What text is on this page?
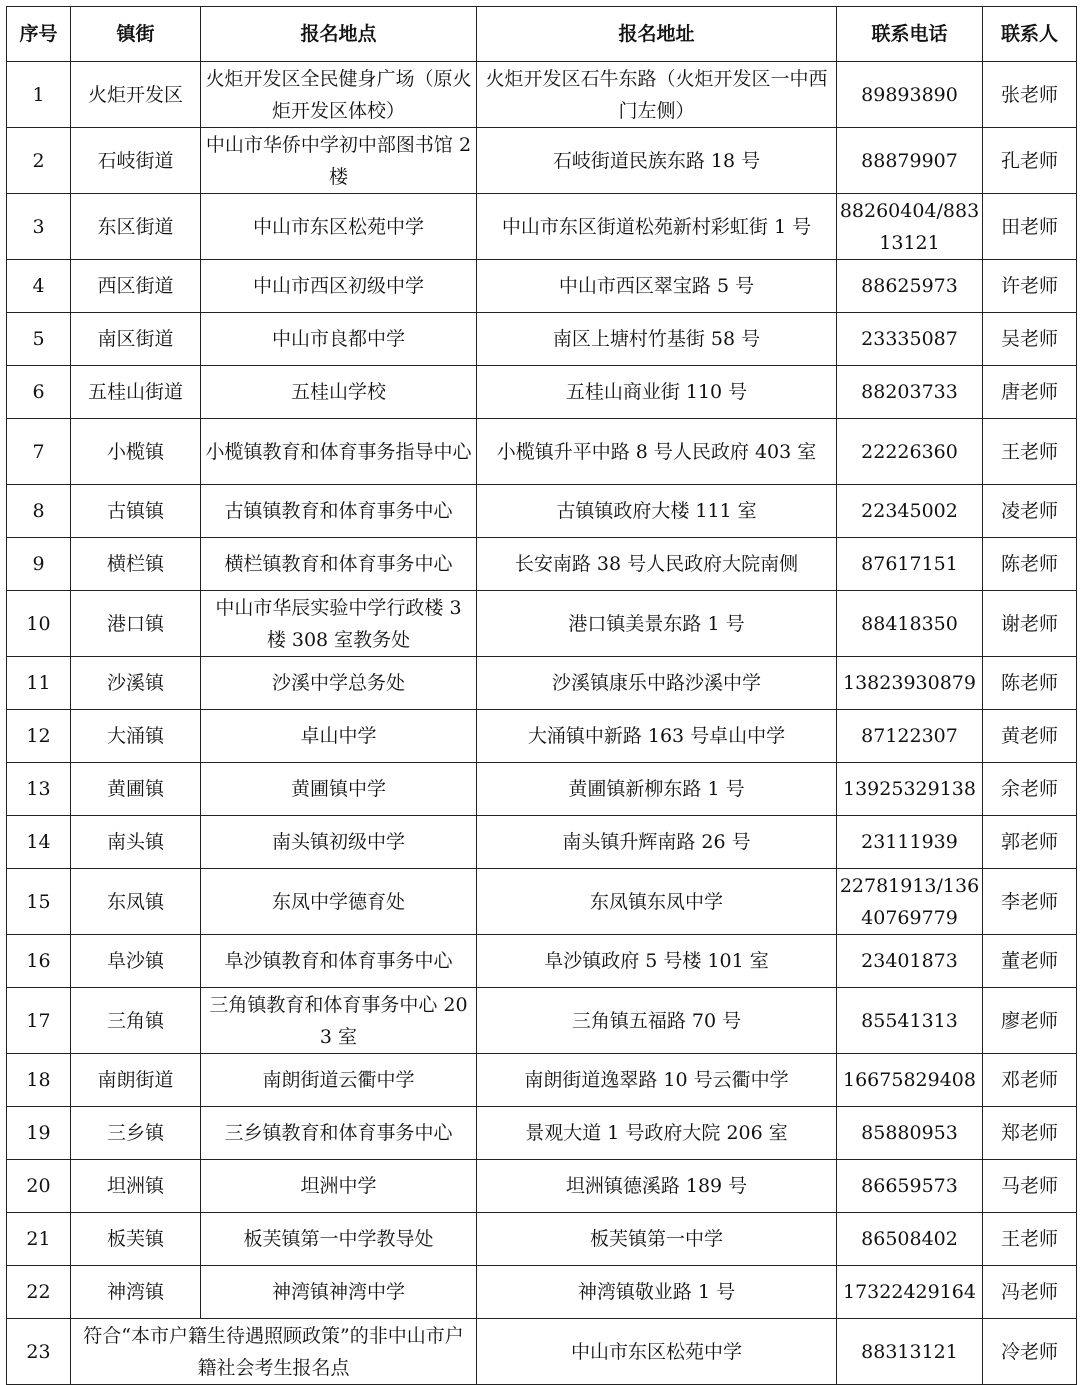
序号	镇街	报名地点	报名地址	联系电话	联系人
1	火炬开发区	火炬开发区全民健身广场（原火炬开发区体校）	火炬开发区石牛东路（火炬开发区一中西门左侧）	89893890	张老师
2	石岐街道	中山市华侨中学初中部图书馆 2 楼	石岐街道民族东路 18 号	88879907	孔老师
3	东区街道	中山市东区松苑中学	中山市东区街道松苑新村彩虹街 1 号	88260404/88313121	田老师
4	西区街道	中山市西区初级中学	中山市西区翠宝路 5 号	88625973	许老师
5	南区街道	中山市良都中学	南区上塘村竹基街 58 号	23335087	吴老师
6	五桂山街道	五桂山学校	五桂山商业街 110 号	88203733	唐老师
7	小榄镇	小榄镇教育和体育事务指导中心	小榄镇升平中路 8 号人民政府 403 室	22226360	王老师
8	古镇镇	古镇镇教育和体育事务中心	古镇镇政府大楼 111 室	22345002	凌老师
9	横栏镇	横栏镇教育和体育事务中心	长安南路 38 号人民政府大院南侧	87617151	陈老师
10	港口镇	中山市华辰实验中学行政楼 3 楼 308 室教务处	港口镇美景东路 1 号	88418350	谢老师
11	沙溪镇	沙溪中学总务处	沙溪镇康乐中路沙溪中学	13823930879	陈老师
12	大涌镇	卓山中学	大涌镇中新路 163 号卓山中学	87122307	黄老师
13	黄圃镇	黄圃镇中学	黄圃镇新柳东路 1 号	13925329138	余老师
14	南头镇	南头镇初级中学	南头镇升辉南路 26 号	23111939	郭老师
15	东凤镇	东凤中学德育处	东凤镇东凤中学	22781913/13640769779	李老师
16	阜沙镇	阜沙镇教育和体育事务中心	阜沙镇政府 5 号楼 101 室	23401873	董老师
17	三角镇	三角镇教育和体育事务中心 203 室	三角镇五福路 70 号	85541313	廖老师
18	南朗街道	南朗街道云衢中学	南朗街道逸翠路 10 号云衢中学	16675829408	邓老师
19	三乡镇	三乡镇教育和体育事务中心	景观大道 1 号政府大院 206 室	85880953	郑老师
20	坦洲镇	坦洲中学	坦洲镇德溪路 189 号	86659573	马老师
21	板芙镇	板芙镇第一中学教导处	板芙镇第一中学	86508402	王老师
22	神湾镇	神湾镇神湾中学	神湾镇敬业路 1 号	17322429164	冯老师
23	符合“本市户籍生待遇照顾政策”的非中山市户籍社会考生报名点		中山市东区松苑中学	88313121	冷老师
